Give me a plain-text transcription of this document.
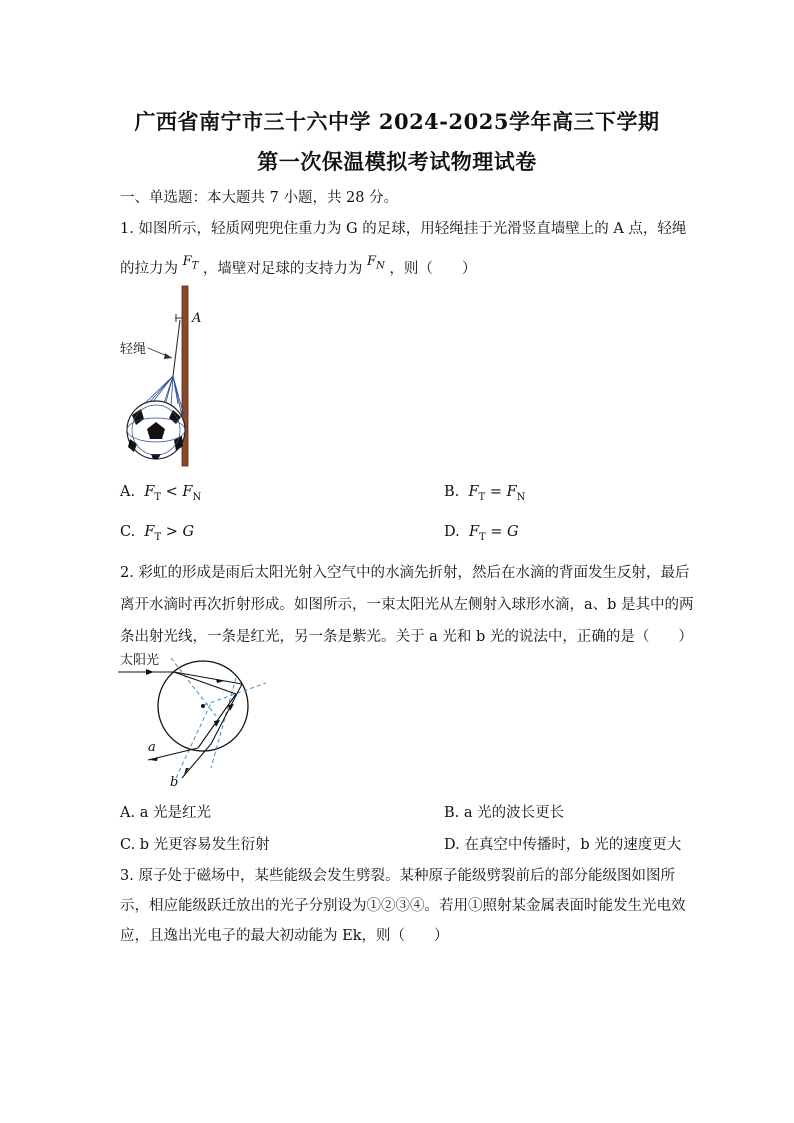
广西省南宁市三十六中学 2024-2025学年高三下学期
第一次保温模拟考试物理试卷
一、单选题：本大题共 7 小题，共 28 分。
1. 如图所示，轻质网兜兜住重力为 G 的足球，用轻绳挂于光滑竖直墙壁上的 A 点，轻绳
的拉力为 $F_T$ ，墙壁对足球的支持力为 $F_N$ ，则（　　）
A
轻绳
A. $F_T < F_N$	B. $F_T = F_N$
C. $F_T > G$	D. $F_T = G$
2. 彩虹的形成是雨后太阳光射入空气中的水滴先折射，然后在水滴的背面发生反射，最后
离开水滴时再次折射形成。如图所示，一束太阳光从左侧射入球形水滴，a、b 是其中的两
条出射光线，一条是红光，另一条是紫光。关于 a 光和 b 光的说法中，正确的是（　　）
太阳光
a
b
A. a 光是红光	B. a 光的波长更长
C. b 光更容易发生衍射	D. 在真空中传播时，b 光的速度更大
3. 原子处于磁场中，某些能级会发生劈裂。某种原子能级劈裂前后的部分能级图如图所
示，相应能级跃迁放出的光子分别设为①②③④。若用①照射某金属表面时能发生光电效
应，且逸出光电子的最大初动能为 Ek，则（　　）
